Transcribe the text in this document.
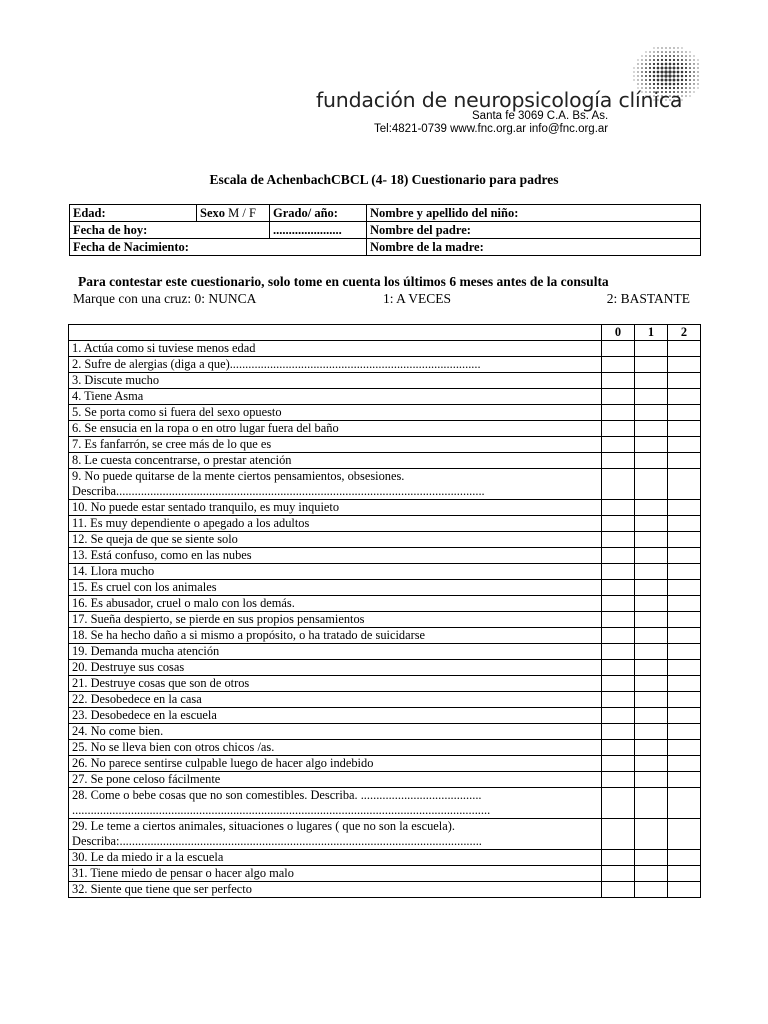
fundación de neuropsicología clínica
Santa fe 3069 C.A. Bs. As.
Tel:4821-0739 www.fnc.org.ar info@fnc.org.ar
Escala de AchenbachCBCL (4- 18) Cuestionario para padres
Edad:	Sexo M / F	Grado/ año:	Nombre y apellido del niño:
Fecha de hoy:		......................	Nombre del padre:
Fecha de Nacimiento:			Nombre de la madre:
Para contestar este cuestionario, solo tome en cuenta los últimos 6 meses antes de la consulta
Marque con una cruz: 0: NUNCA	1: A VECES	2: BASTANTE
	0	1	2
1. Actúa como si tuviese menos edad			
2. Sufre de alergias (diga a que).................................................................................			
3. Discute mucho			
4. Tiene Asma			
5. Se porta como si fuera del sexo opuesto			
6. Se ensucia en la ropa o en otro lugar fuera del baño			
7. Es fanfarrón, se cree más de lo que es			
8. Le cuesta concentrarse, o prestar atención			
9. No puede quitarse de la mente ciertos pensamientos, obsesiones.
Describa.......................................................................................................................			

10. No puede estar sentado tranquilo, es muy inquieto			
11. Es muy dependiente o apegado a los adultos			
12. Se queja de que se siente solo			
13. Está confuso, como en las nubes			
14. Llora mucho			
15. Es cruel con los animales			
16. Es abusador, cruel o malo con los demás.			
17. Sueña despierto, se pierde en sus propios pensamientos			
18. Se ha hecho daño a si mismo a propósito, o ha tratado de suicidarse			
19. Demanda mucha atención			
20. Destruye sus cosas			
21. Destruye cosas que son de otros			
22. Desobedece en la casa			
23. Desobedece en la escuela			
24. No come bien.			
25. No se lleva bien con otros chicos /as.			
26. No parece sentirse culpable luego de hacer algo indebido			
27. Se pone celoso fácilmente			
28. Come o bebe cosas que no son comestibles. Describa. .......................................
.......................................................................................................................................			

29. Le teme a ciertos animales, situaciones o lugares ( que no son la escuela).
Describa:.....................................................................................................................			

30. Le da miedo ir a la escuela			
31. Tiene miedo de pensar o hacer algo malo			
32. Siente que tiene que ser perfecto			
